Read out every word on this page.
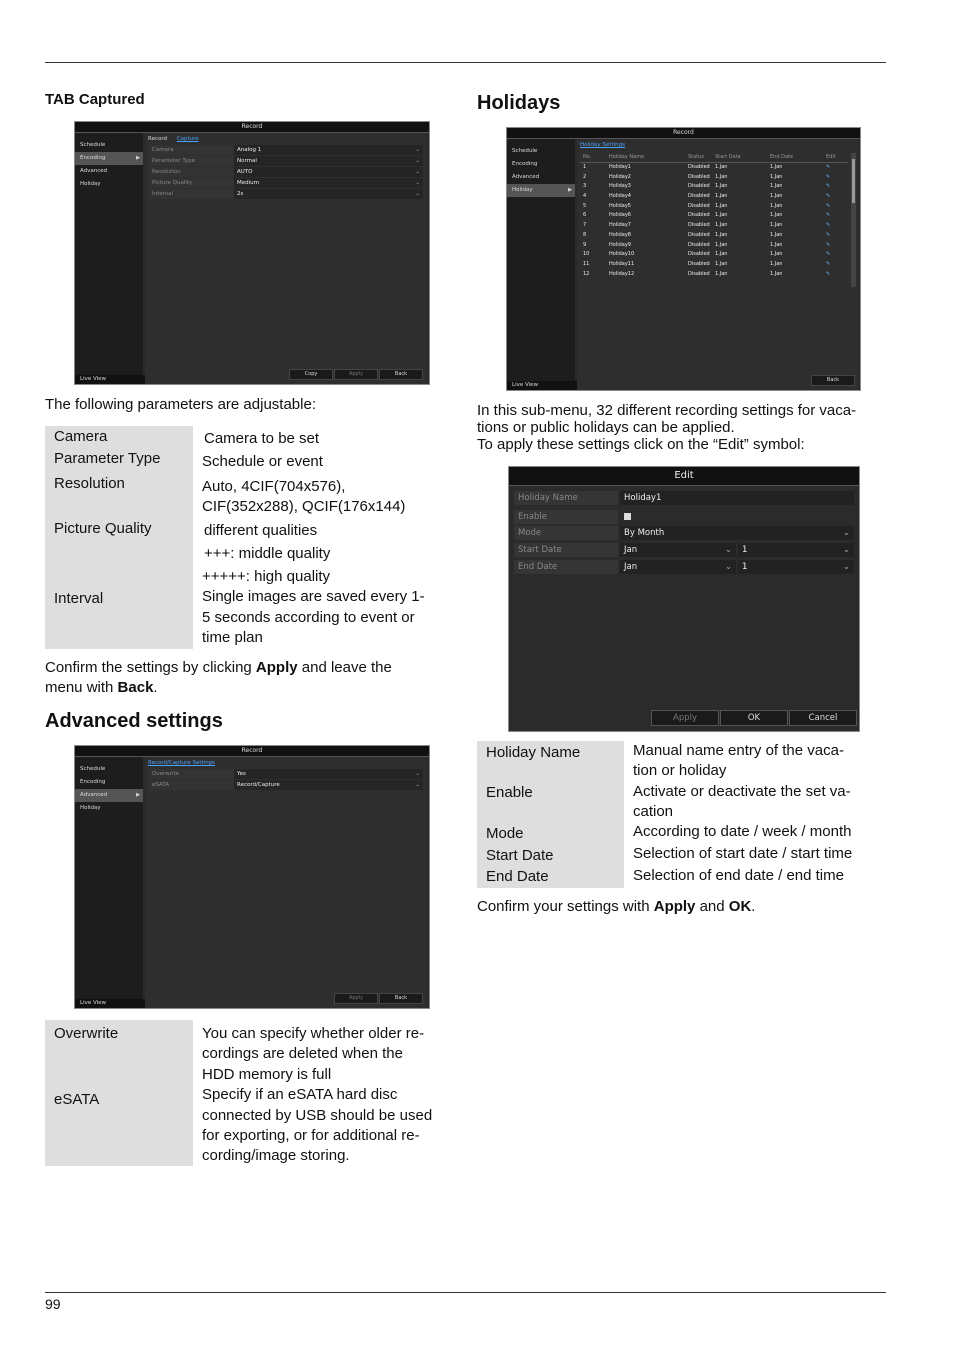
TAB Captured
Record
Schedule
Encoding	▶
Advanced
Holiday
Live View
Record Capture
Camera	Analog 1	⌄
Parameter Type	Normal	⌄
Resolution	AUTO	⌄
Picture Quality	Medium	⌄
Interval	2s	⌄
Copy	Apply	Back
The following parameters are adjustable:
Camera	Camera to be set
Parameter Type	Schedule or event
Resolution	Auto, 4CIF(704x576),
CIF(352x288), QCIF(176x144)
Picture Quality	different qualities
+++: middle quality
+++++: high quality
Interval	Single images are saved every 1-
5 seconds according to event or
time plan
Confirm the settings by clicking Apply and leave the
menu with Back.
Advanced settings
Record
Schedule
Encoding
Advanced	▶
Holiday
Live View
Record/Capture Settings
Overwrite	Yes	⌄
eSATA	Record/Capture	⌄
Apply	Back
Overwrite	You can specify whether older re-
cordings are deleted when the
HDD memory is full
eSATA	Specify if an eSATA hard disc
connected by USB should be used
for exporting, or for additional re-
cording/image storing.
Holidays
Record
Schedule
Encoding
Advanced
Holiday	▶
Live View
Holiday Settings
No.	Holiday Name	Status	Start Date	End Date	Edit
1	Holiday1	Disabled	1.Jan	1.Jan	✎
2	Holiday2	Disabled	1.Jan	1.Jan	✎
3	Holiday3	Disabled	1.Jan	1.Jan	✎
4	Holiday4	Disabled	1.Jan	1.Jan	✎
5	Holiday5	Disabled	1.Jan	1.Jan	✎
6	Holiday6	Disabled	1.Jan	1.Jan	✎
7	Holiday7	Disabled	1.Jan	1.Jan	✎
8	Holiday8	Disabled	1.Jan	1.Jan	✎
9	Holiday9	Disabled	1.Jan	1.Jan	✎
10	Holiday10	Disabled	1.Jan	1.Jan	✎
11	Holiday11	Disabled	1.Jan	1.Jan	✎
12	Holiday12	Disabled	1.Jan	1.Jan	✎
Back
In this sub-menu, 32 different recording settings for vaca-
tions or public holidays can be applied.
To apply these settings click on the “Edit” symbol:
Edit
Holiday Name	Holiday1
Enable
Mode	By Month	⌄
Start Date	Jan	⌄	1	⌄
End Date	Jan	⌄	1	⌄
Apply	OK	Cancel
Holiday Name	Manual name entry of the vaca-
tion or holiday
Enable	Activate or deactivate the set va-
cation
Mode	According to date / week / month
Start Date	Selection of start date / start time
End Date	Selection of end date / end time
Confirm your settings with Apply and OK.
99
